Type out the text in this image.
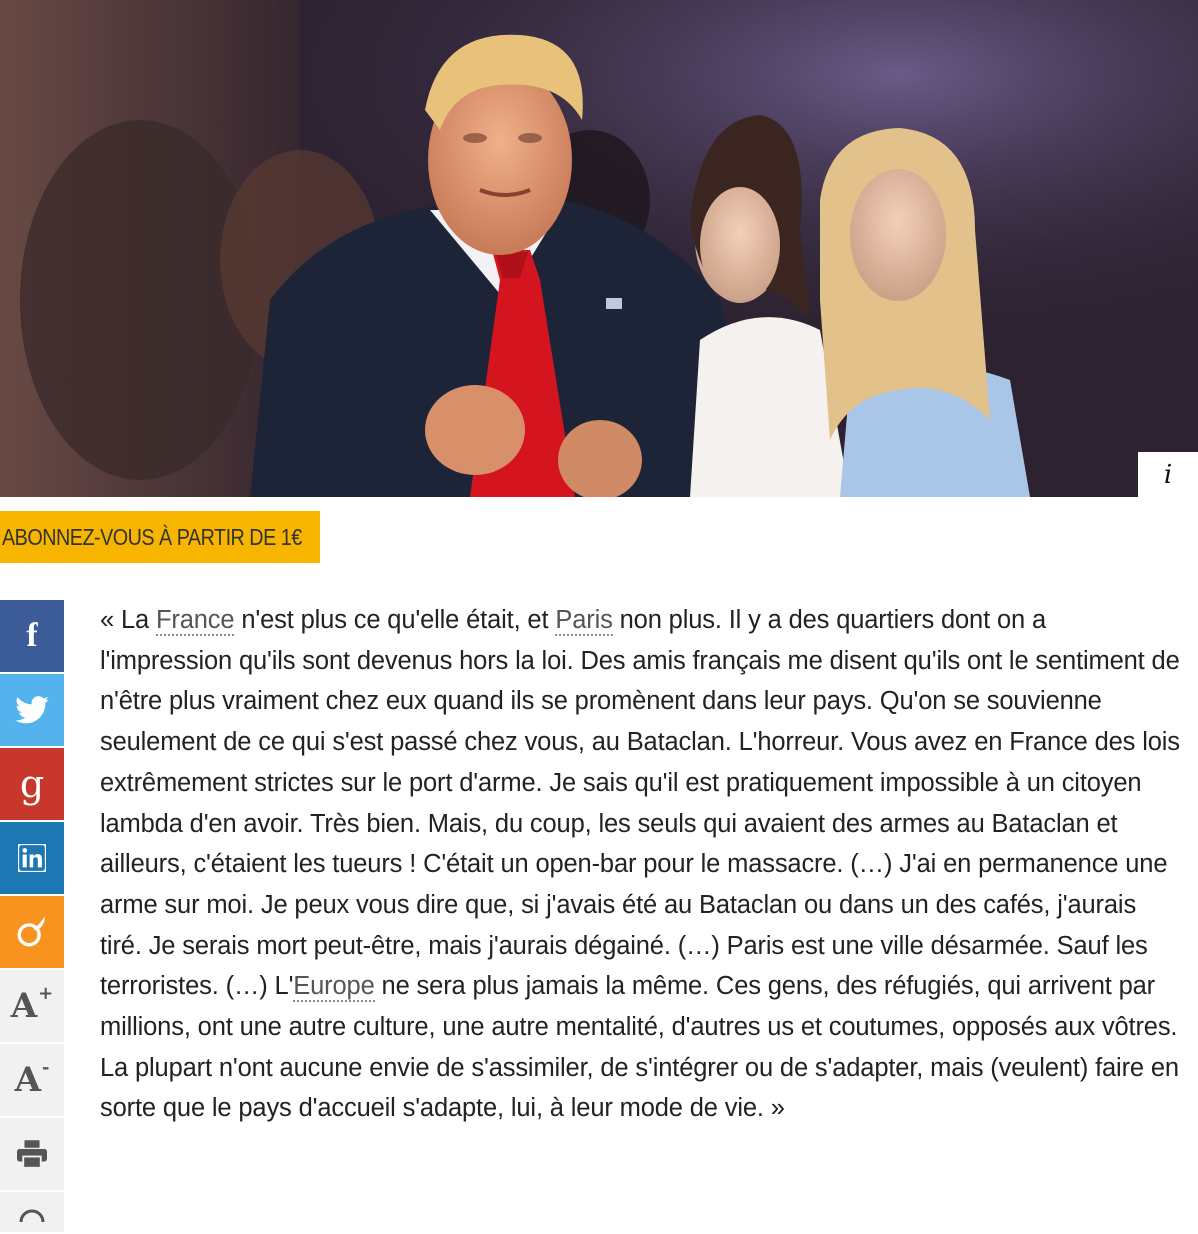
i
ABONNEZ-VOUS À PARTIR DE 1€
f
g
A+
A-

« La France n'est plus ce qu'elle était, et Paris non plus. Il y a des quartiers dont on a l'impression qu'ils sont devenus hors la loi. Des amis français me disent qu'ils ont le sentiment de n'être plus vraiment chez eux quand ils se promènent dans leur pays. Qu'on se souvienne seulement de ce qui s'est passé chez vous, au Bataclan. L'horreur. Vous avez en France des lois extrêmement strictes sur le port d'arme. Je sais qu'il est pratiquement impossible à un citoyen lambda d'en avoir. Très bien. Mais, du coup, les seuls qui avaient des armes au Bataclan et ailleurs, c'étaient les tueurs ! C'était un open-bar pour le massacre. (…) J'ai en permanence une arme sur moi. Je peux vous dire que, si j'avais été au Bataclan ou dans un des cafés, j'aurais tiré. Je serais mort peut-être, mais j'aurais dégainé. (…) Paris est une ville désarmée. Sauf les terroristes. (…) L'Europe ne sera plus jamais la même. Ces gens, des réfugiés, qui arrivent par millions, ont une autre culture, une autre mentalité, d'autres us et coutumes, opposés aux vôtres. La plupart n'ont aucune envie de s'assimiler, de s'intégrer ou de s'adapter, mais (veulent) faire en sorte que le pays d'accueil s'adapte, lui, à leur mode de vie. »
